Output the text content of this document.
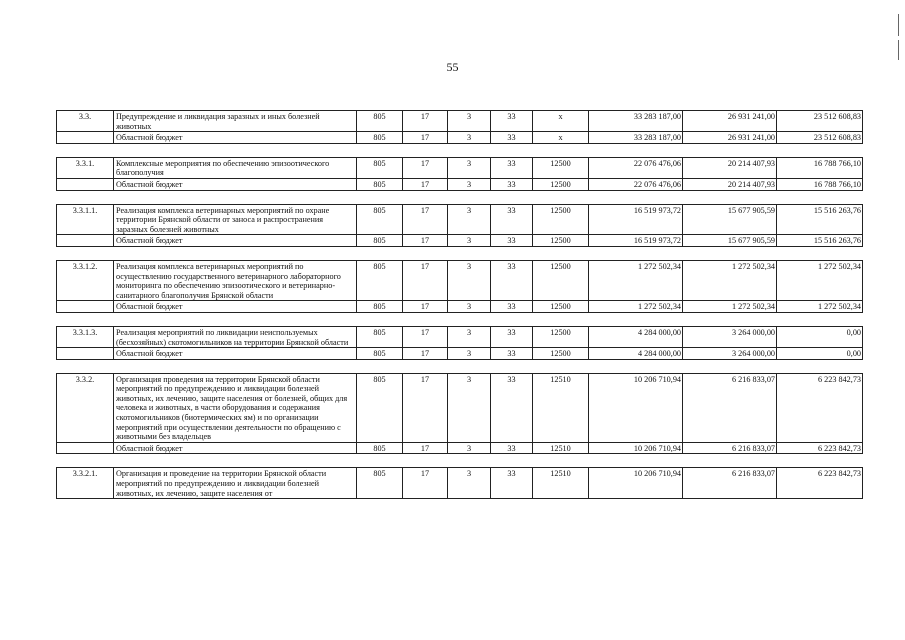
55
3.3.	Предупреждение и ликвидация заразных и иных болезней животных	805	17	3	33	x	33 283 187,00	26 931 241,00	23 512 608,83
	Областной бюджет	805	17	3	33	x	33 283 187,00	26 931 241,00	23 512 608,83

3.3.1.	Комплексные мероприятия по обеспечению эпизоотического благополучия	805	17	3	33	12500	22 076 476,06	20 214 407,93	16 788 766,10
	Областной бюджет	805	17	3	33	12500	22 076 476,06	20 214 407,93	16 788 766,10

3.3.1.1.	Реализация комплекса ветеринарных мероприятий по охране территории Брянской области от заноса и распространения заразных болезней животных	805	17	3	33	12500	16 519 973,72	15 677 905,59	15 516 263,76
	Областной бюджет	805	17	3	33	12500	16 519 973,72	15 677 905,59	15 516 263,76

3.3.1.2.	Реализация комплекса ветеринарных мероприятий по осуществлению государственного ветеринарного лабораторного мониторинга по обеспечению эпизоотического и ветеринарно-санитарного благополучия Брянской области	805	17	3	33	12500	1 272 502,34	1 272 502,34	1 272 502,34
	Областной бюджет	805	17	3	33	12500	1 272 502,34	1 272 502,34	1 272 502,34

3.3.1.3.	Реализация мероприятий по ликвидации неиспользуемых (бесхозяйных) скотомогильников на территории Брянской области	805	17	3	33	12500	4 284 000,00	3 264 000,00	0,00
	Областной бюджет	805	17	3	33	12500	4 284 000,00	3 264 000,00	0,00

3.3.2.	Организация проведения на территории Брянской области мероприятий по предупреждению и ликвидации болезней животных, их лечению, защите населения от болезней, общих для человека и животных, в части оборудования и содержания скотомогильников (биотермических ям) и по организации мероприятий при осуществлении деятельности по обращению с животными без владельцев	805	17	3	33	12510	10 206 710,94	6 216 833,07	6 223 842,73
	Областной бюджет	805	17	3	33	12510	10 206 710,94	6 216 833,07	6 223 842,73

3.3.2.1.	Организация и проведение на территории Брянской области мероприятий по предупреждению и ликвидации болезней животных, их лечению, защите населения от	805	17	3	33	12510	10 206 710,94	6 216 833,07	6 223 842,73
